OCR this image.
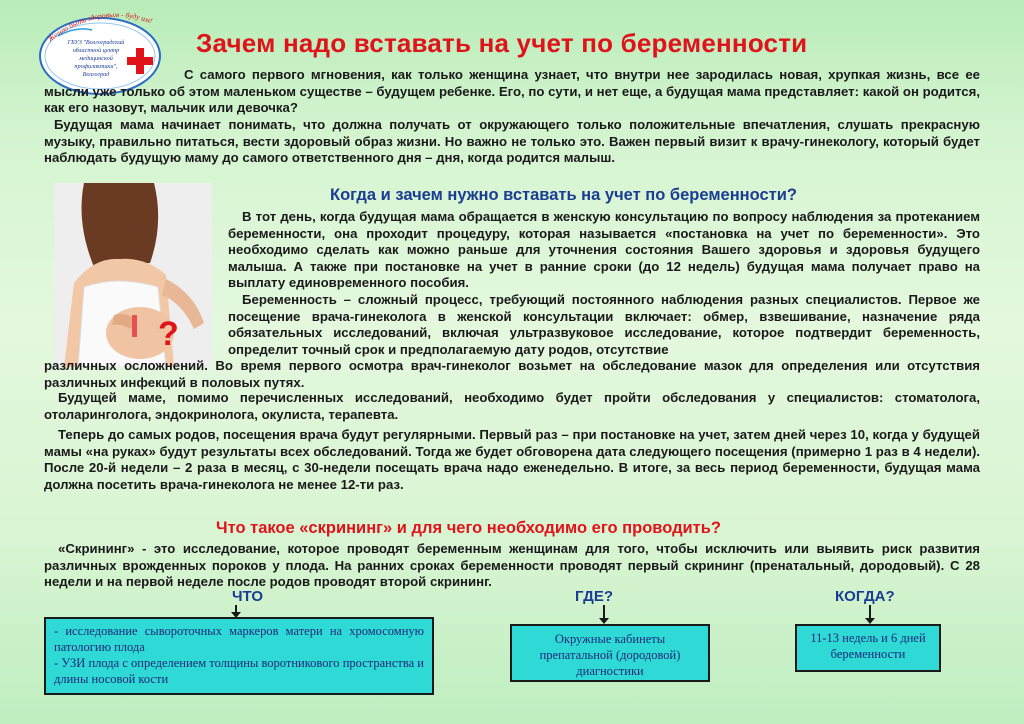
Желаю быть здоровым - буду им!
ГБУЗ "Волгоградский
областной центр
медицинской
профилактики",
Волгоград
Зачем надо вставать на учет по беременности
С самого первого мгновения, как только женщина узнает, что внутри нее зародилась новая, хрупкая жизнь, все ее мысли уже только об этом маленьком существе – будущем ребенке. Его, по сути, и нет еще, а будущая мама представляет: какой он родится, как его назовут, мальчик или девочка?
Будущая мама начинает понимать, что должна получать от окружающего только положительные впечатления, слушать прекрасную музыку, правильно питаться, вести здоровый образ жизни. Но важно не только это. Важен первый визит к врачу-гинекологу, который будет наблюдать будущую маму до самого ответственного дня – дня, когда родится малыш.
Когда и зачем нужно вставать на учет по беременности?
?
В тот день, когда будущая мама обращается в женскую консультацию по вопросу наблюдения за протеканием беременности, она проходит процедуру, которая называется «постановка на учет по беременности». Это необходимо сделать как можно раньше для уточнения состояния Вашего здоровья и здоровья будущего малыша. А также при постановке на учет в ранние сроки (до 12 недель) будущая мама получает право на выплату единовременного пособия.
Беременность – сложный процесс, требующий постоянного наблюдения разных специалистов. Первое же посещение врача-гинеколога в женской консультации включает: обмер, взвешивание, назначение ряда обязательных исследований, включая ультразвуковое исследование, которое подтвердит беременность, определит точный срок и предполагаемую дату родов, отсутствие
различных осложнений. Во время первого осмотра врач-гинеколог возьмет на обследование мазок для определения или отсутствия различных инфекций в половых путях.
Будущей маме, помимо перечисленных исследований, необходимо будет пройти обследования у специалистов: стоматолога, отоларинголога, эндокринолога, окулиста, терапевта.
Теперь до самых родов, посещения врача будут регулярными. Первый раз – при постановке на учет, затем дней через 10, когда у будущей мамы «на руках» будут результаты всех обследований. Тогда же будет обговорена дата следующего посещения (примерно 1 раз в 4 недели). После 20-й недели – 2 раза в месяц, с 30-недели посещать врача надо еженедельно. В итоге, за весь период беременности, будущая мама должна посетить врача-гинеколога не менее 12-ти раз.
Что такое «скрининг» и для чего необходимо его проводить?
«Скрининг» - это исследование, которое проводят беременным женщинам для того, чтобы исключить или выявить риск развития различных врожденных пороков у плода. На ранних сроках беременности проводят первый скрининг (пренатальный, дородовый). С 28 недели и на первой неделе после родов проводят второй скрининг.
ЧТО	ГДЕ?	КОГДА?
- исследование сывороточных маркеров матери на хромосомную патологию плода
- УЗИ плода с определением толщины воротникового пространства и длины носовой кости
Окружные кабинеты препатальной (дородовой) диагностики
11-13 недель и 6 дней беременности
